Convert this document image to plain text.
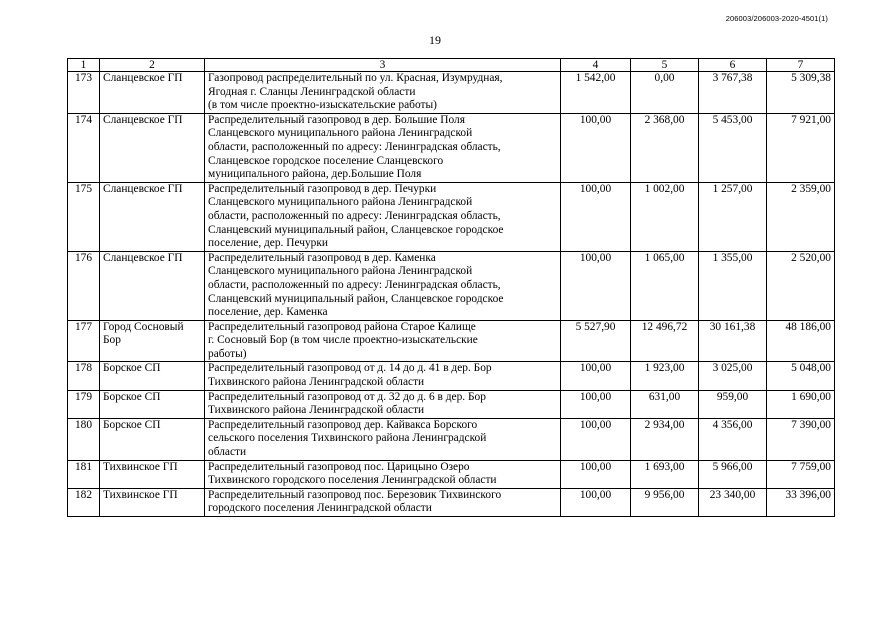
206003/206003-2020-4501(1)
19
1	2	3	4	5	6	7
173	Сланцевское ГП	Газопровод распределительный по ул. Красная, Изумрудная,
Ягодная г. Сланцы Ленинградской области
(в том числе проектно-изыскательские работы)	1 542,00	0,00	3 767,38	5 309,38
174	Сланцевское ГП	Распределительный газопровод в дер. Большие Поля
Сланцевского муниципального района Ленинградской
области, расположенный по адресу: Ленинградская область,
Сланцевское городское поселение Сланцевского
муниципального района, дер.Большие Поля	100,00	2 368,00	5 453,00	7 921,00
175	Сланцевское ГП	Распределительный газопровод в дер. Печурки
Сланцевского муниципального района Ленинградской
области, расположенный по адресу: Ленинградская область,
Сланцевский муниципальный район, Сланцевское городское
поселение, дер. Печурки	100,00	1 002,00	1 257,00	2 359,00
176	Сланцевское ГП	Распределительный газопровод в дер. Каменка
Сланцевского муниципального района Ленинградской
области, расположенный по адресу: Ленинградская область,
Сланцевский муниципальный район, Сланцевское городское
поселение, дер. Каменка	100,00	1 065,00	1 355,00	2 520,00
177	Город Сосновый Бор	Распределительный газопровод района Старое Калище
г. Сосновый Бор (в том числе проектно-изыскательские
работы)	5 527,90	12 496,72	30 161,38	48 186,00
178	Борское СП	Распределительный газопровод от д. 14 до д. 41 в дер. Бор
Тихвинского района Ленинградской области	100,00	1 923,00	3 025,00	5 048,00
179	Борское СП	Распределительный газопровод от д. 32 до д. 6 в дер. Бор
Тихвинского района Ленинградской области	100,00	631,00	959,00	1 690,00
180	Борское СП	Распределительный газопровод дер. Кайвакса Борского
сельского поселения Тихвинского района Ленинградской
области	100,00	2 934,00	4 356,00	7 390,00
181	Тихвинское ГП	Распределительный газопровод пос. Царицыно Озеро
Тихвинского городского поселения Ленинградской области	100,00	1 693,00	5 966,00	7 759,00
182	Тихвинское ГП	Распределительный газопровод пос. Березовик Тихвинского
городского поселения Ленинградской области	100,00	9 956,00	23 340,00	33 396,00
